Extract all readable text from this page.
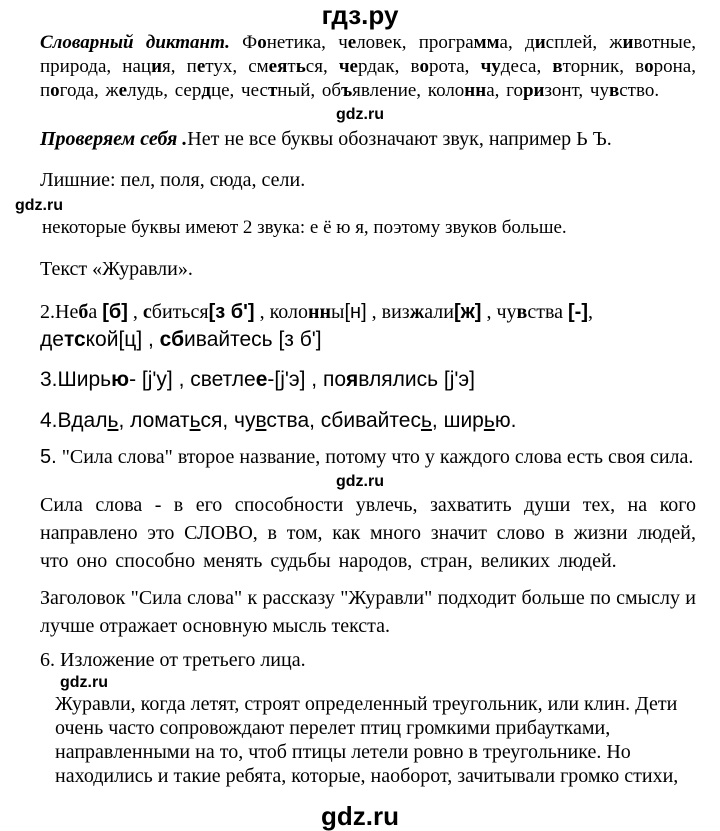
гдз.ру
Словарный диктант. Фонетика, человек, программа, дисплей, животные, природа, нация, петух, смеяться, чердак, ворота, чудеса, вторник, ворона, погода, желудь, сердце, честный, объявление, колонна, горизонт, чувство.
gdz.ru
Проверяем себя .Нет не все буквы обозначают звук, например Ь Ъ.
Лишние: пел, поля, сюда, сели.
gdz.ru
некоторые буквы имеют 2 звука: е ё ю я, поэтому звуков больше.
Текст «Журавли».
2.Неба [б] , сбиться[з б'] , колонны[н] , визжали[ж] , чувства [-],
детской[ц] , сбивайтесь [з б']
3.Ширью- [j'у] , светлее-[j'э] , появлялись [j'э]
4.Вдаль, ломаться, чувства, сбивайтесь, ширью.
5. "Сила слова" второе название, потому что у каждого слова есть своя сила.
gdz.ru
Сила слова - в его способности увлечь, захватить души тех, на кого направлено это СЛОВО, в том, как много значит слово в жизни людей, что оно способно менять судьбы народов, стран, великих людей.
Заголовок "Сила слова" к рассказу "Журавли" подходит больше по смыслу и лучше отражает основную мысль текста.
6. Изложение от третьего лица.
gdz.ru
Журавли, когда летят, строят определенный треугольник, или клин. Дети очень часто сопровождают перелет птиц громкими прибаутками, направленными на то, чтоб птицы летели ровно в треугольнике. Но находились и такие ребята, которые, наоборот, зачитывали громко стихи,
gdz.ru
